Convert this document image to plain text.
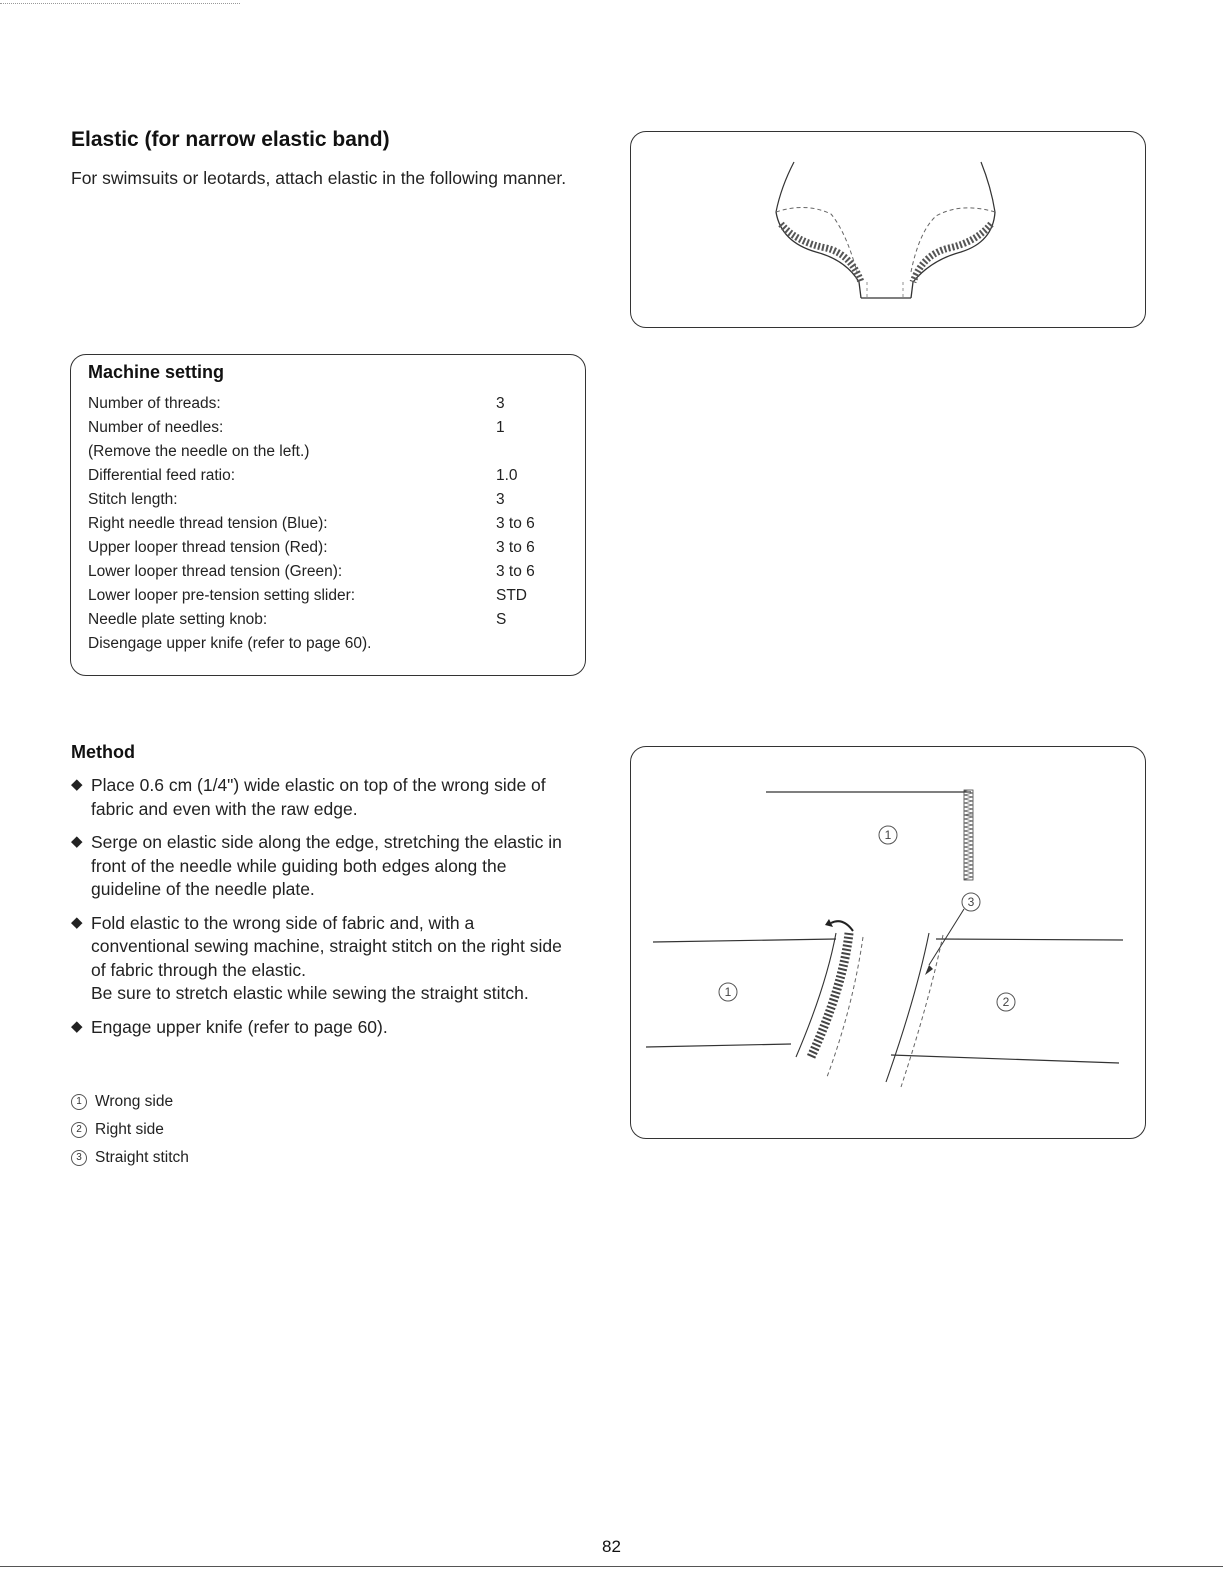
Elastic (for narrow elastic band)

For swimsuits or leotards, attach elastic in the following manner.

Machine setting
Number of threads:	3
Number of needles:	1
(Remove the needle on the left.)	
Differential feed ratio:	1.0
Stitch length:	3
Right needle thread tension (Blue):	3 to 6
Upper looper thread tension (Red):	3 to 6
Lower looper thread tension (Green):	3 to 6
Lower looper pre-tension setting slider:	STD
Needle plate setting knob:	S
Disengage upper knife (refer to page 60).	
Method
◆ Place 0.6 cm (1/4") wide elastic on top of the wrong side of fabric and even with the raw edge.
◆ Serge on elastic side along the edge, stretching the elastic in front of the needle while guiding both edges along the guideline of the needle plate.
◆ Fold elastic to the wrong side of fabric and, with a conventional sewing machine, straight stitch on the right side of fabric through the elastic.
Be sure to stretch elastic while sewing the straight stitch.
◆ Engage upper knife (refer to page 60).
1 Wrong side
2 Right side
3 Straight stitch
1
3
1
2

82
